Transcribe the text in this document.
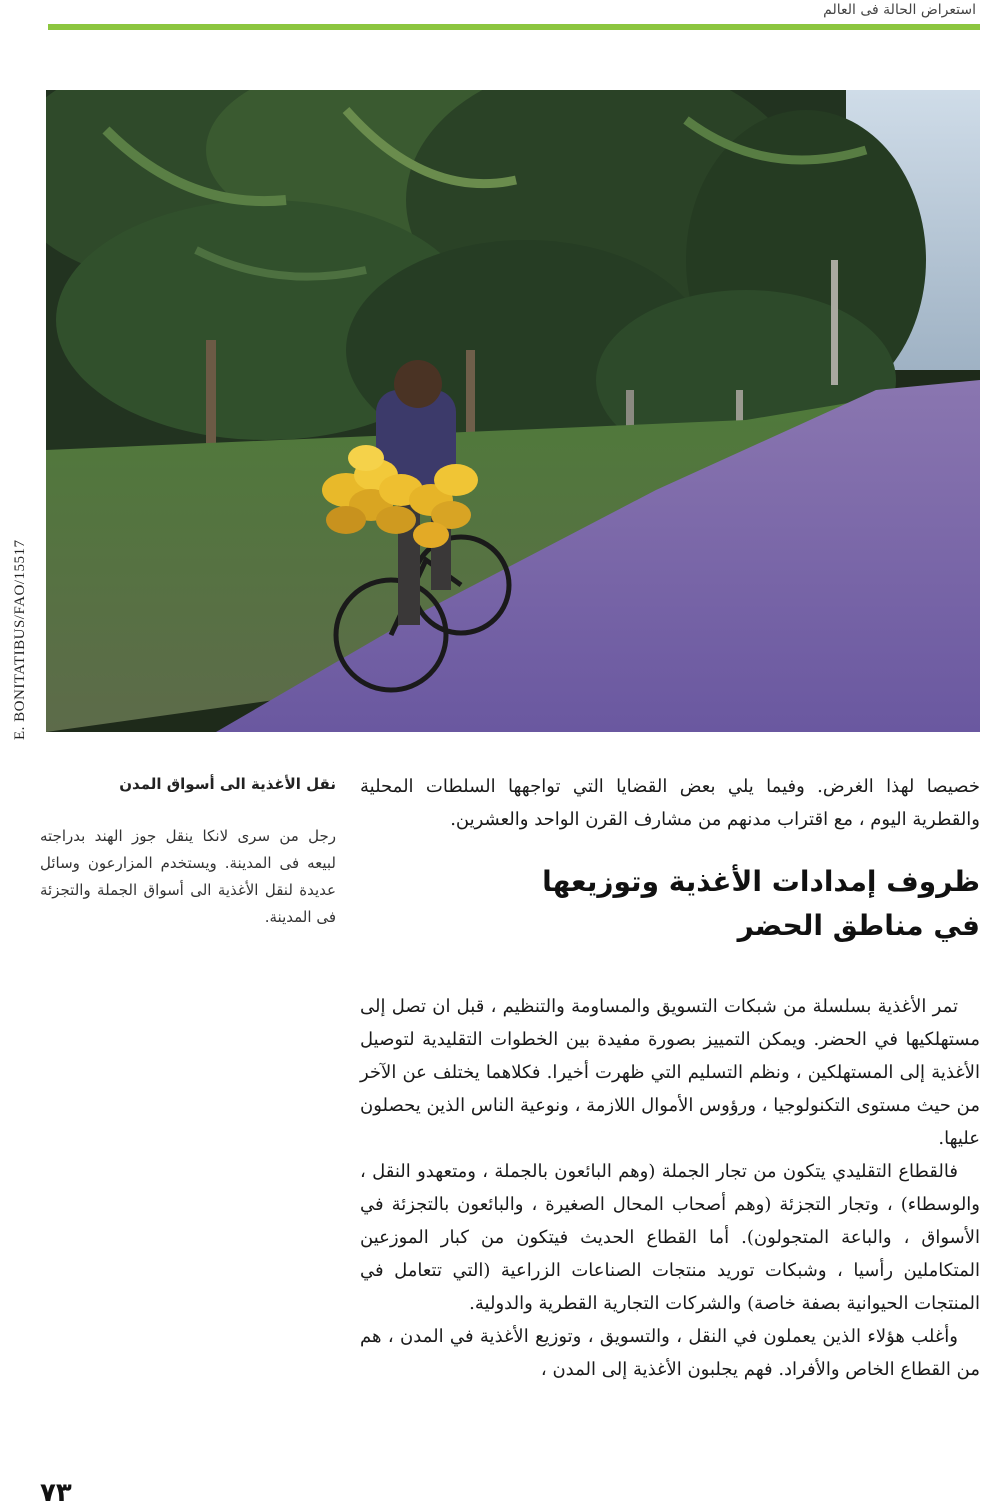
استعراض الحالة فى العالم
E. BONITATIBUS/FAO/15517
نقل الأغذية الى أسواق المدن

رجل من سرى لانكا ينقل جوز الهند بدراجته لبيعه فى المدينة. ويستخدم المزارعون وسائل عديدة لنقل الأغذية الى أسواق الجملة والتجزئة فى المدينة.

خصيصا لهذا الغرض. وفيما يلي بعض القضايا التي تواجهها السلطات المحلية والقطرية اليوم ، مع اقتراب مدنهم من مشارف القرن الواحد والعشرين.

ظروف إمدادات الأغذية وتوزيعها
في مناطق الحضر

تمر الأغذية بسلسلة من شبكات التسويق والمساومة والتنظيم ، قبل ان تصل إلى مستهلكيها في الحضر. ويمكن التمييز بصورة مفيدة بين الخطوات التقليدية لتوصيل الأغذية إلى المستهلكين ، ونظم التسليم التي ظهرت أخيرا. فكلاهما يختلف عن الآخر من حيث مستوى التكنولوجيا ، ورؤوس الأموال اللازمة ، ونوعية الناس الذين يحصلون عليها.

فالقطاع التقليدي يتكون من تجار الجملة (وهم البائعون بالجملة ، ومتعهدو النقل ، والوسطاء) ، وتجار التجزئة (وهم أصحاب المحال الصغيرة ، والبائعون بالتجزئة في الأسواق ، والباعة المتجولون). أما القطاع الحديث فيتكون من كبار الموزعين المتكاملين رأسيا ، وشبكات توريد منتجات الصناعات الزراعية (التي تتعامل في المنتجات الحيوانية بصفة خاصة) والشركات التجارية القطرية والدولية.

وأغلب هؤلاء الذين يعملون في النقل ، والتسويق ، وتوزيع الأغذية في المدن ، هم من القطاع الخاص والأفراد. فهم يجلبون الأغذية إلى المدن ،

٧٣
